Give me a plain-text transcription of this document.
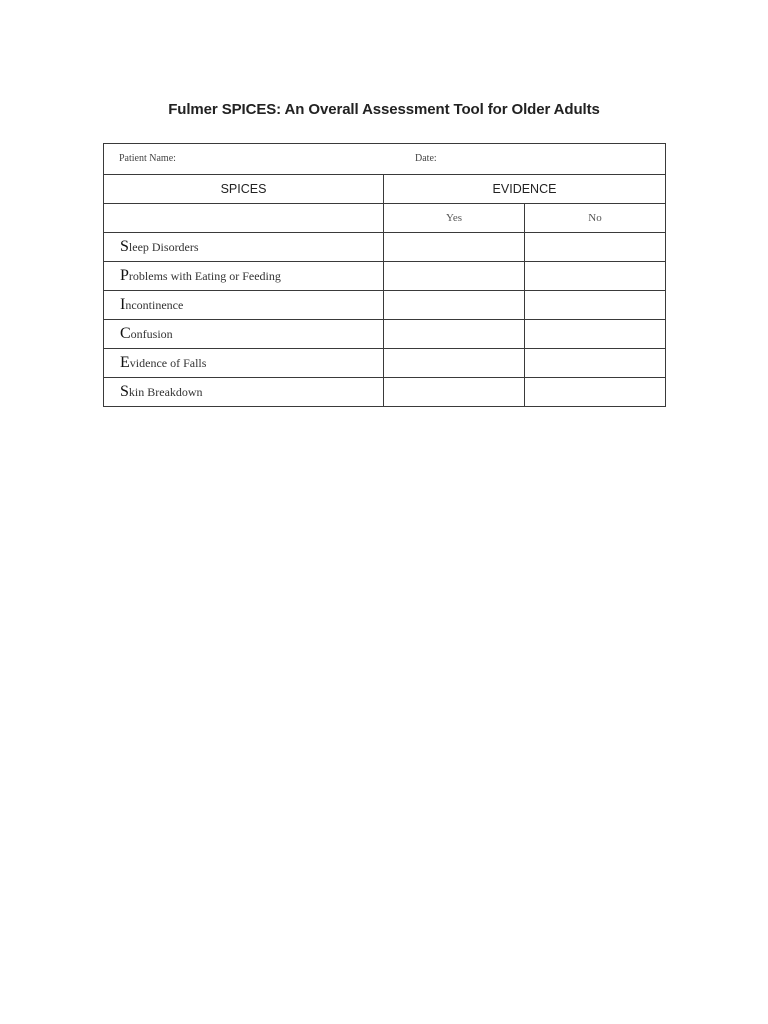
Fulmer SPICES: An Overall Assessment Tool for Older Adults
Patient Name: Date:		

SPICES	EVIDENCE	
	Yes	No
Sleep Disorders		
Problems with Eating or Feeding		
Incontinence		
Confusion		
Evidence of Falls		
Skin Breakdown		
